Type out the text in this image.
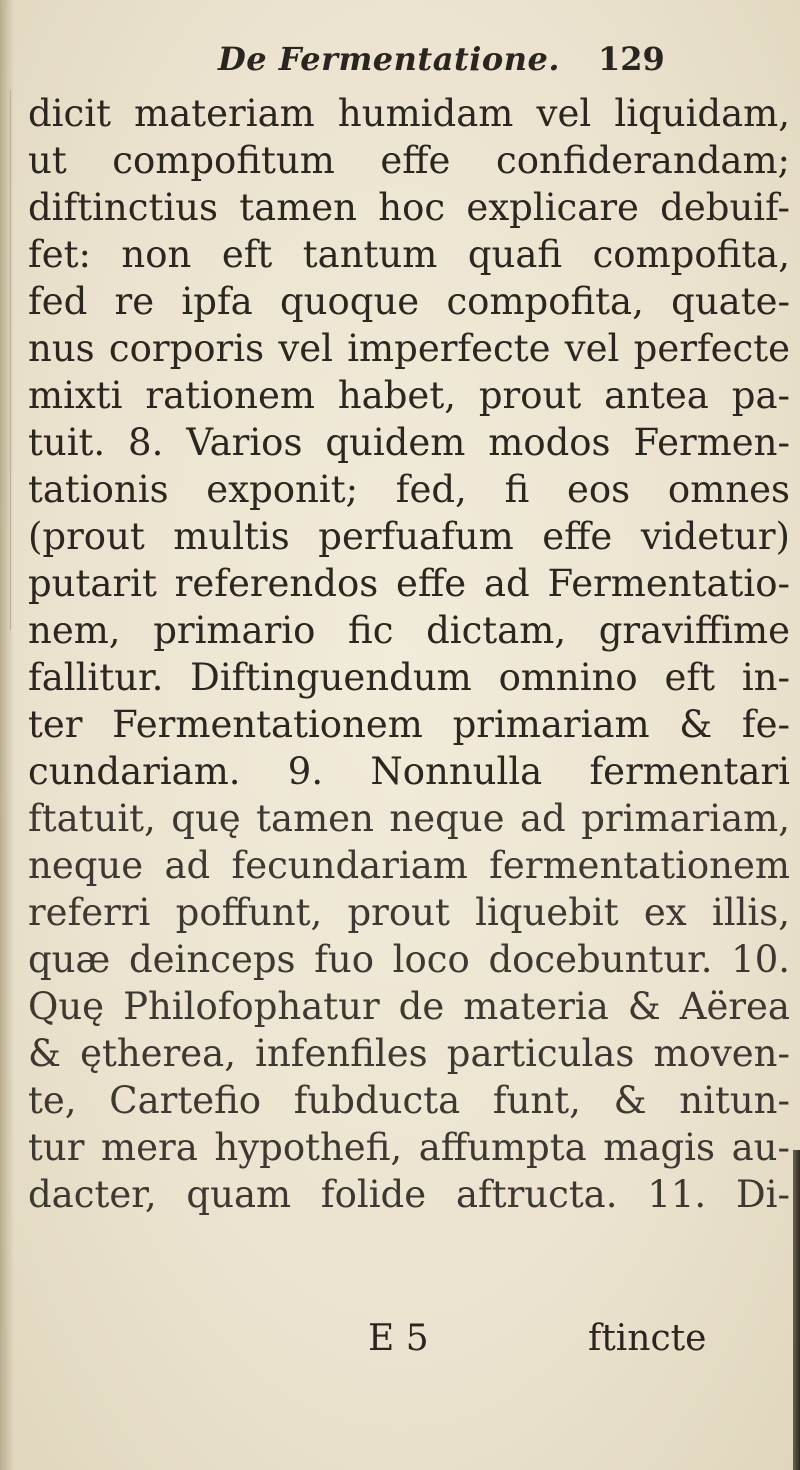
De Fermentatione. 129
dicit materiam humidam vel liquidam,
ut compofitum effe confiderandam;
diftinctius tamen hoc explicare debuif-
fet: non eft tantum quafi compofita,
fed re ipfa quoque compofita, quate-
nus corporis vel imperfecte vel perfecte
mixti rationem habet, prout antea pa-
tuit. 8. Varios quidem modos Fermen-
tationis exponit; fed, fi eos omnes
(prout multis perfuafum effe videtur)
putarit referendos effe ad Fermentatio-
nem, primario fic dictam, graviffime
fallitur. Diftinguendum omnino eft in-
ter Fermentationem primariam & fe-
cundariam. 9. Nonnulla fermentari
ftatuit, quę tamen neque ad primariam,
neque ad fecundariam fermentationem
referri poffunt, prout liquebit ex illis,
quæ deinceps fuo loco docebuntur. 10.
Quę Philofophatur de materia & Aërea
& ętherea, infenfiles particulas moven-
te, Cartefio fubducta funt, & nitun-
tur mera hypothefi, affumpta magis au-
dacter, quam folide aftructa. 11. Di-
E 5	ftincte
